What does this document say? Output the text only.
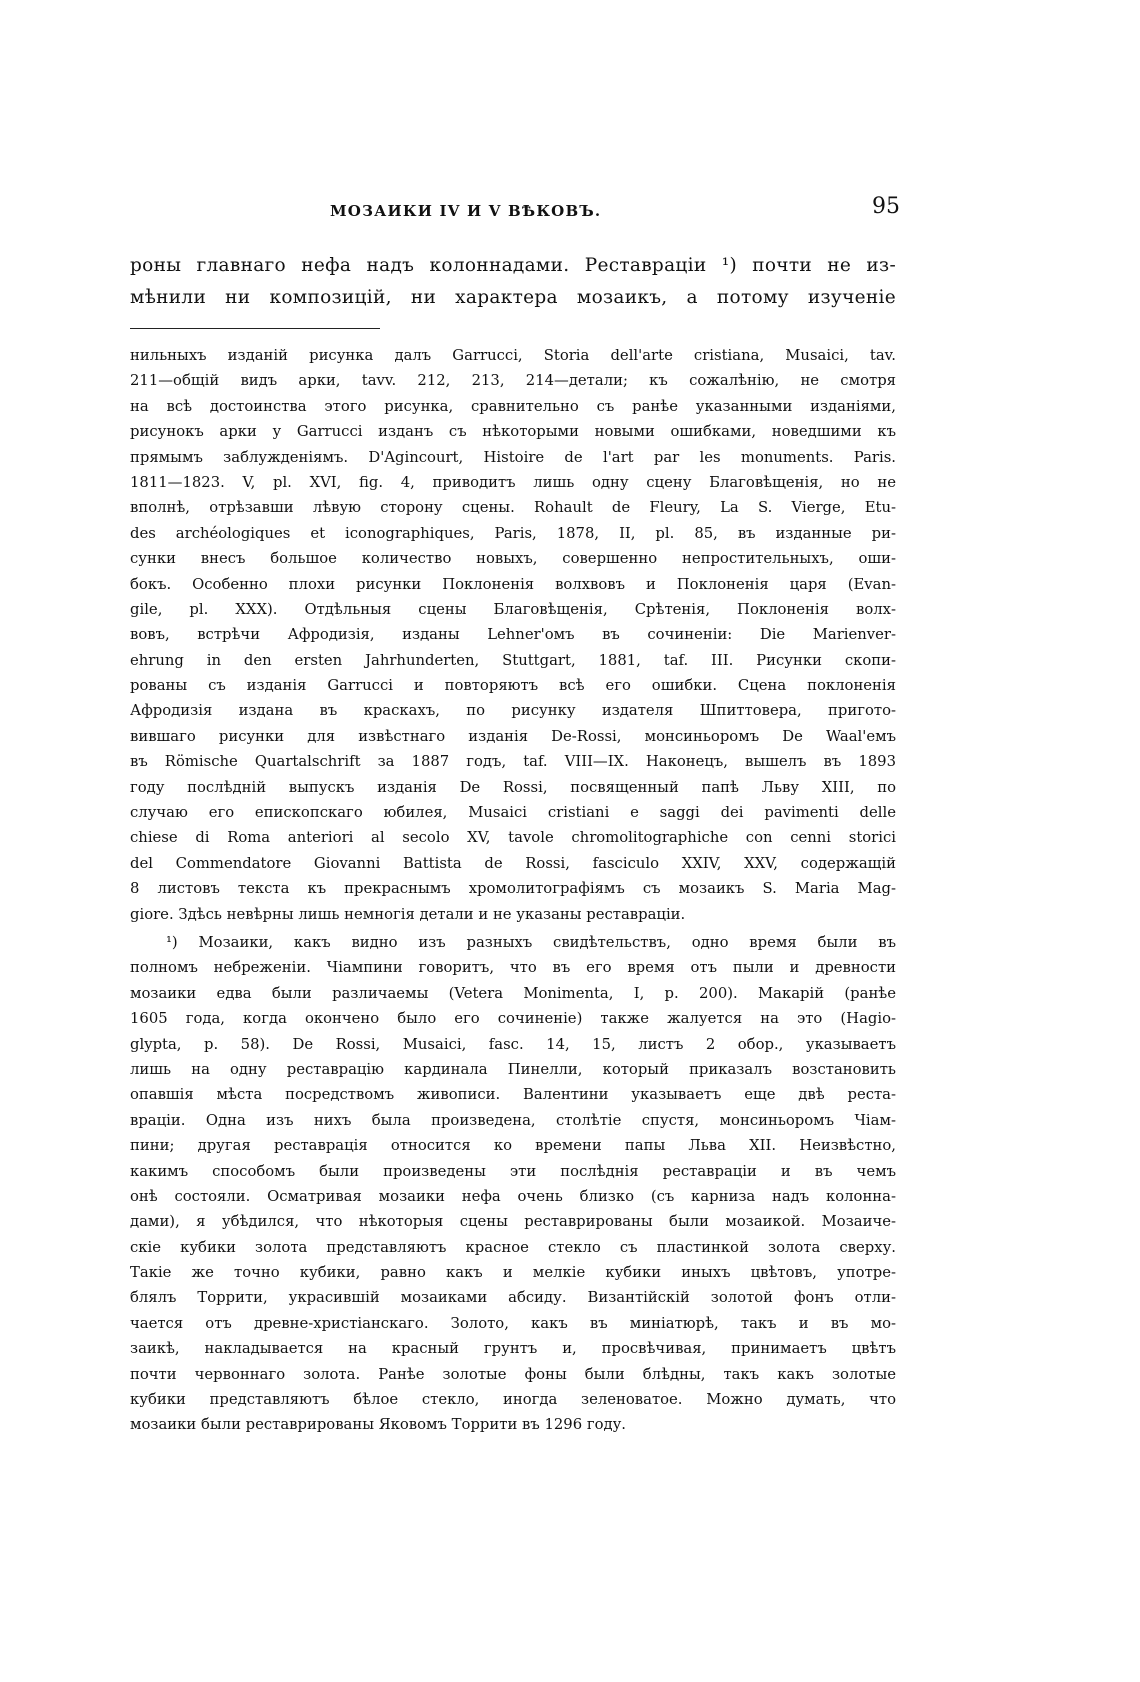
МОЗАИКИ IV И V ВѢКОВЪ.	95
роны главнаго нефа надъ колоннадами. Реставраціи ¹) почти не из-
мѣнили ни композицій, ни характера мозаикъ, а потому изученіе
нильныхъ изданій рисунка далъ Garrucci, Storia dell'arte cristiana, Musaici, tav.
211—общій видъ арки, tavv. 212, 213, 214—детали; къ сожалѣнію, не смотря
на всѣ достоинства этого рисунка, сравнительно съ ранѣе указанными изданіями,
рисунокъ арки у Garrucci изданъ съ нѣкоторыми новыми ошибками, новедшими къ
прямымъ заблужденіямъ. D'Agincourt, Histoire de l'art par les monuments. Paris.
1811—1823. V, pl. XVI, fig. 4, приводитъ лишь одну сцену Благовѣщенія, но не
вполнѣ, отрѣзавши лѣвую сторону сцены. Rohault de Fleury, La S. Vierge, Etu-
des archéologiques et iconographiques, Paris, 1878, II, pl. 85, въ изданные ри-
сунки внесъ большое количество новыхъ, совершенно непростительныхъ, оши-
бокъ. Особенно плохи рисунки Поклоненія волхвовъ и Поклоненія царя (Evan-
gile, pl. XXX). Отдѣльныя сцены Благовѣщенія, Срѣтенія, Поклоненія волх-
вовъ, встрѣчи Афродизія, изданы Lehner'омъ въ сочиненіи: Die Marienver-
ehrung in den ersten Jahrhunderten, Stuttgart, 1881, taf. III. Рисунки скопи-
рованы съ изданія Garrucci и повторяютъ всѣ его ошибки. Сцена поклоненія
Афродизія издана въ краскахъ, по рисунку издателя Шпиттовера, пригото-
вившаго рисунки для извѣстнаго изданія De-Rossi, монсиньоромъ De Waal'емъ
въ Römische Quartalschrift за 1887 годъ, taf. VIII—IX. Наконецъ, вышелъ въ 1893
году послѣдній выпускъ изданія De Rossi, посвященный папѣ Льву XIII, по
случаю его епископскаго юбилея, Musaici cristiani e saggi dei pavimenti delle
chiese di Roma anteriori al secolo XV, tavole chromolitographiche con cenni storici
del Commendatore Giovanni Battista de Rossi, fasciculo XXIV, XXV, содержащій
8 листовъ текста къ прекраснымъ хромолитографіямъ съ мозаикъ S. Maria Mag-
giore. Здѣсь невѣрны лишь немногія детали и не указаны реставраціи.
¹) Мозаики, какъ видно изъ разныхъ свидѣтельствъ, одно время были въ
полномъ небреженіи. Чіампини говоритъ, что въ его время отъ пыли и древности
мозаики едва были различаемы (Vetera Monimenta, I, p. 200). Макарій (ранѣе
1605 года, когда окончено было его сочиненіе) также жалуется на это (Hagio-
glypta, p. 58). De Rossi, Musaici, fasc. 14, 15, листъ 2 обор., указываетъ
лишь на одну реставрацію кардинала Пинелли, который приказалъ возстановить
опавшія мѣста посредствомъ живописи. Валентини указываетъ еще двѣ реста-
враціи. Одна изъ нихъ была произведена, столѣтіе спустя, монсиньоромъ Чіам-
пини; другая реставрація относится ко времени папы Льва XII. Неизвѣстно,
какимъ способомъ были произведены эти послѣднія реставраціи и въ чемъ
онѣ состояли. Осматривая мозаики нефа очень близко (съ карниза надъ колонна-
дами), я убѣдился, что нѣкоторыя сцены реставрированы были мозаикой. Мозаиче-
скіе кубики золота представляютъ красное стекло съ пластинкой золота сверху.
Такіе же точно кубики, равно какъ и мелкіе кубики иныхъ цвѣтовъ, употре-
блялъ Торрити, украсившій мозаиками абсиду. Византійскій золотой фонъ отли-
чается отъ древне-христіанскаго. Золото, какъ въ миніатюрѣ, такъ и въ мо-
заикѣ, накладывается на красный грунтъ и, просвѣчивая, принимаетъ цвѣтъ
почти червоннаго золота. Ранѣе золотые фоны были блѣдны, такъ какъ золотые
кубики представляютъ бѣлое стекло, иногда зеленоватое. Можно думать, что
мозаики были реставрированы Яковомъ Торрити въ 1296 году.
